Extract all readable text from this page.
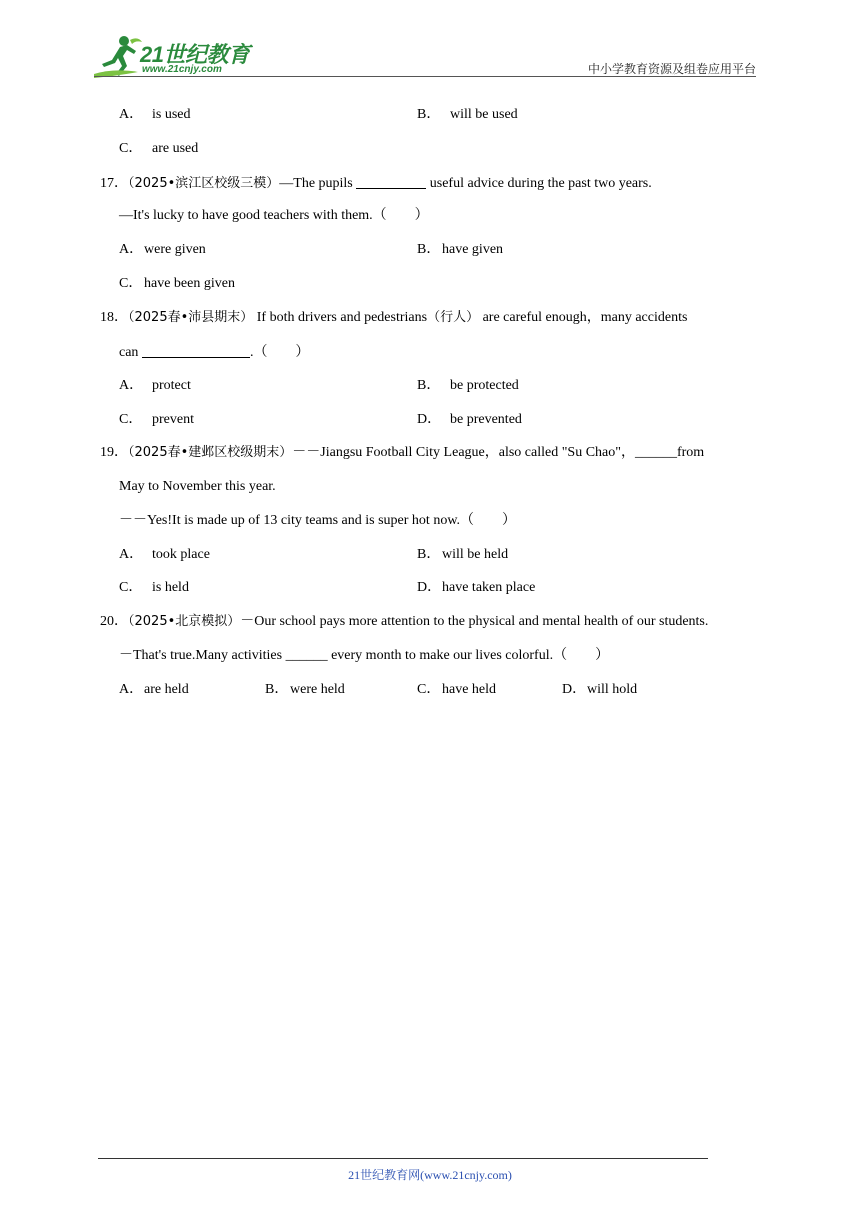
21世纪教育
www.21cnjy.com	中小学教育资源及组卷应用平台
A． is used	B． will be used
C． are used
17．（2025•滨江区校级三模）—The pupils	useful advice during the past two years.
—It's lucky to have good teachers with them.（　　）
A．were given	B． have given
C． have been given
18．（2025春•沛县期末） If both drivers and pedestrians（行人） are careful enough，many accidents
can	.（　　）
A． protect	B． be protected
C． prevent	D． be prevented
19．（2025春•建邺区校级期末）－－Jiangsu Football City League，also called "Su Chao"，______from
May to November this year.
－－Yes!It is made up of 13 city teams and is super hot now.（　　）
A． took place	B． will be held
C． is held	D．have taken place
20．（2025•北京模拟）－Our school pays more attention to the physical and mental health of our students.
－That's true.Many activities ______ every month to make our lives colorful.（　　）
A．are held	B． were held	C． have held	D．will hold
21世纪教育网(www.21cnjy.com)
